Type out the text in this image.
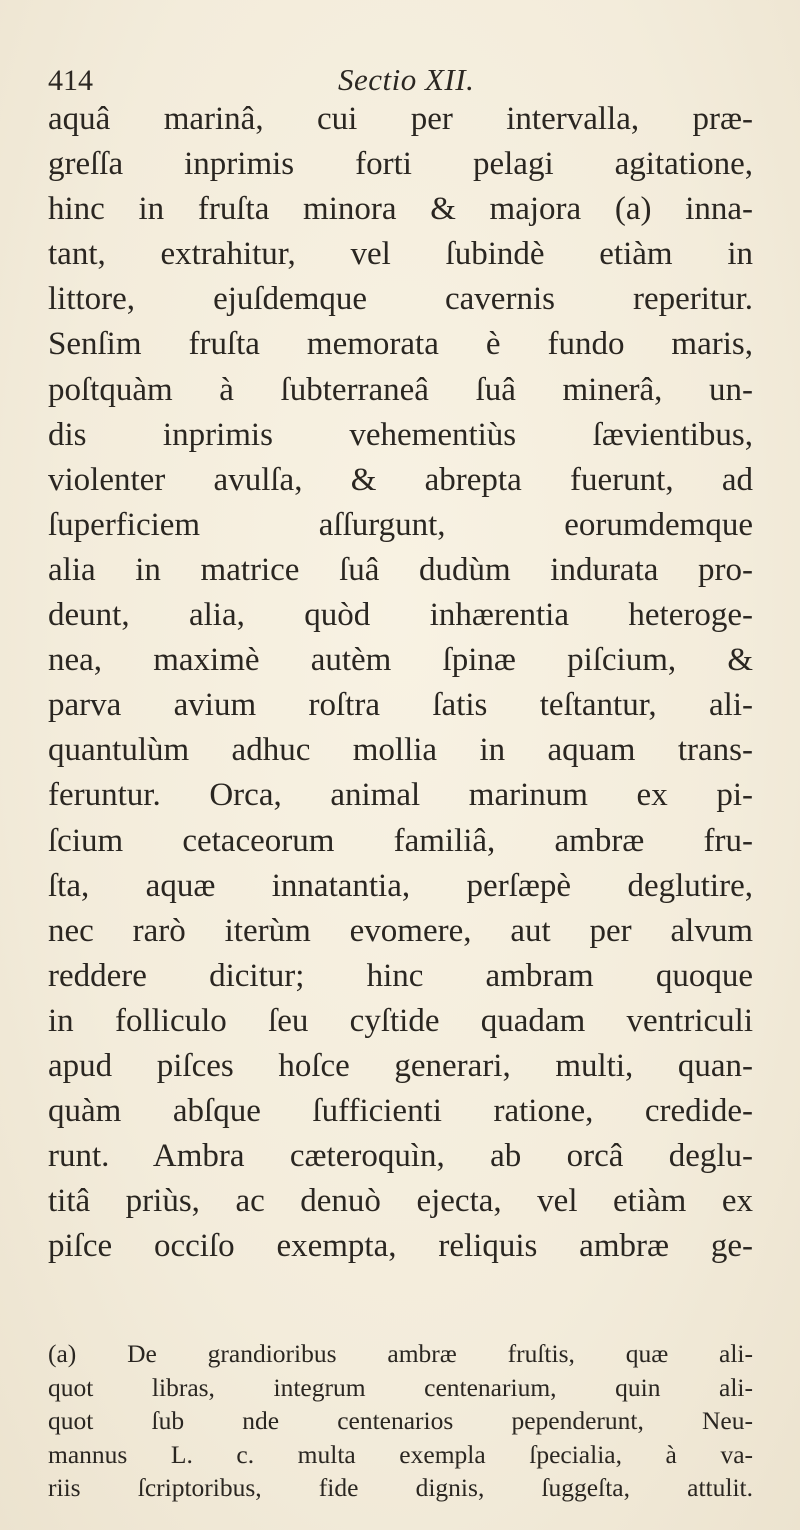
414	Sectio XII.
aquâ marinâ, cui per intervalla, præ-
greſſa inprimis forti pelagi agitatione,
hinc in fruſta minora & majora (a) inna-
tant, extrahitur, vel ſubindè etiàm in
littore, ejuſdemque cavernis reperitur.
Senſim fruſta memorata è fundo maris,
poſtquàm à ſubterraneâ ſuâ minerâ, un-
dis inprimis vehementiùs ſævientibus,
violenter avulſa, & abrepta fuerunt, ad
ſuperficiem aſſurgunt, eorumdemque
alia in matrice ſuâ dudùm indurata pro-
deunt, alia, quòd inhærentia heteroge-
nea, maximè autèm ſpinæ piſcium, &
parva avium roſtra ſatis teſtantur, ali-
quantulùm adhuc mollia in aquam trans-
feruntur. Orca, animal marinum ex pi-
ſcium cetaceorum familiâ, ambræ fru-
ſta, aquæ innatantia, perſæpè deglutire,
nec rarò iterùm evomere, aut per alvum
reddere dicitur; hinc ambram quoque
in folliculo ſeu cyſtide quadam ventriculi
apud piſces hoſce generari, multi, quan-
quàm abſque ſufficienti ratione, credide-
runt. Ambra cæteroquìn, ab orcâ deglu-
titâ priùs, ac denuò ejecta, vel etiàm ex
piſce occiſo exempta, reliquis ambræ ge-
(a) De grandioribus ambræ fruſtis, quæ ali-
quot libras, integrum centenarium, quin ali-
quot ſub nde centenarios pependerunt, Neu-
mannus L. c. multa exempla ſpecialia, à va-
riis ſcriptoribus, fide dignis, ſuggeſta, attulit.
